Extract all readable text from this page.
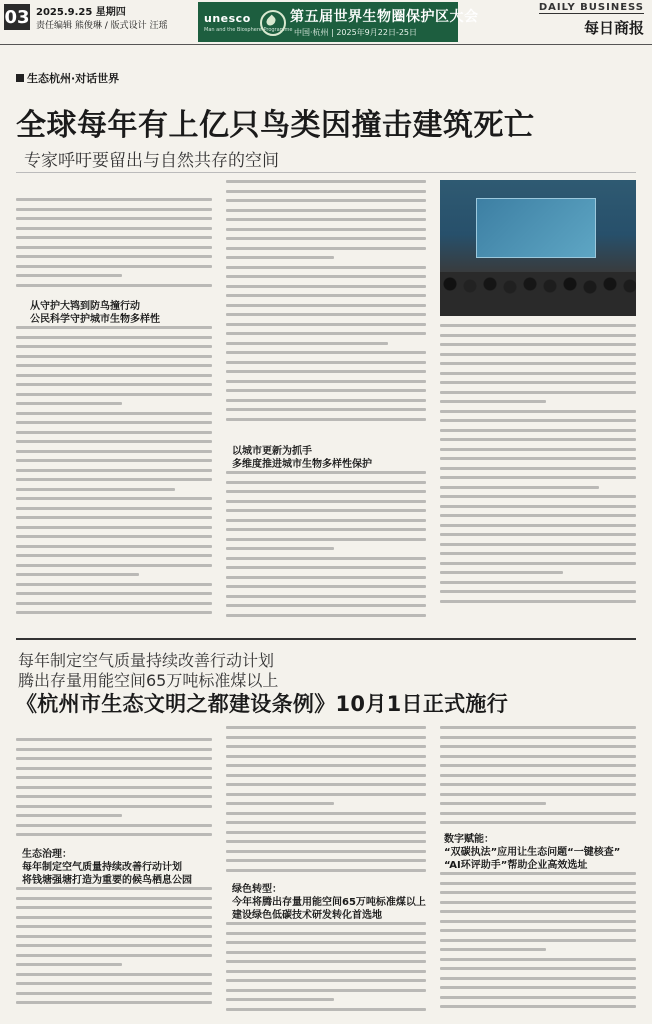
03 2025.9.25 星期四
责任编辑 熊俊琳 / 版式设计 汪瑶
unesco
Man and the Biosphere Programme
第五届世界生物圈保护区大会
中国·杭州 | 2025年9月22日-25日
DAILY BUSINESS
每日商报
生态杭州·对话世界
全球每年有上亿只鸟类因撞击建筑死亡
专家呼吁要留出与自然共存的空间
从守护大鸨到防鸟撞行动
公民科学守护城市生物多样性
以城市更新为抓手
多维度推进城市生物多样性保护
每年制定空气质量持续改善行动计划
腾出存量用能空间65万吨标准煤以上
《杭州市生态文明之都建设条例》10月1日正式施行
生态治理：
每年制定空气质量持续改善行动计划
将钱塘强塘打造为重要的候鸟栖息公园
绿色转型：
今年将腾出存量用能空间65万吨标准煤以上
建设绿色低碳技术研发转化首选地
数字赋能：
“双碳执法”应用让生态问题“一键核查”
“AI环评助手”帮助企业高效选址
